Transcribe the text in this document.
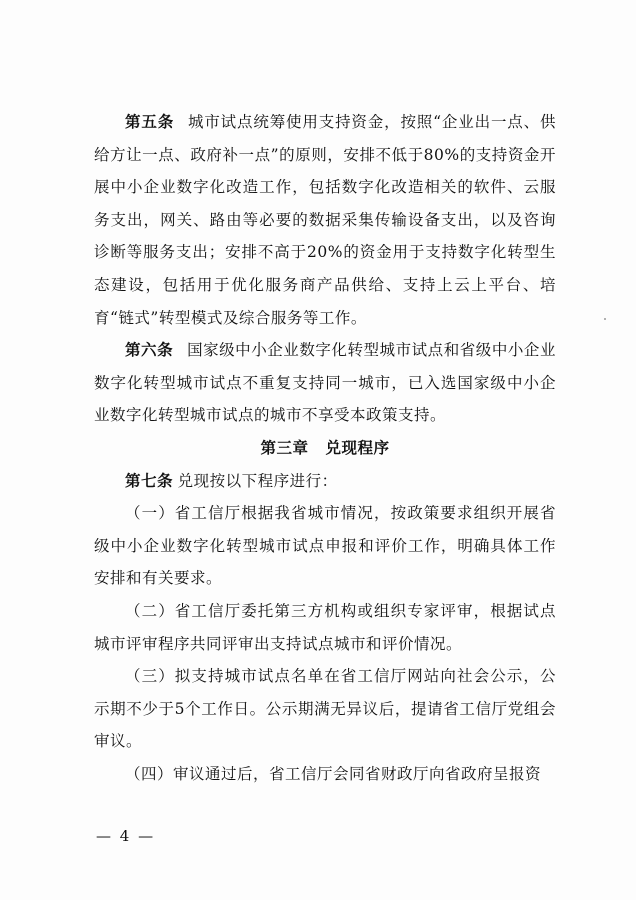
第五条 城市试点统筹使用支持资金，按照“企业出一点、供给方让一点、政府补一点”的原则，安排不低于80%的支持资金开展中小企业数字化改造工作，包括数字化改造相关的软件、云服务支出，网关、路由等必要的数据采集传输设备支出，以及咨询诊断等服务支出；安排不高于20%的资金用于支持数字化转型生态建设，包括用于优化服务商产品供给、支持上云上平台、培育“链式”转型模式及综合服务等工作。

第六条 国家级中小企业数字化转型城市试点和省级中小企业数字化转型城市试点不重复支持同一城市，已入选国家级中小企业数字化转型城市试点的城市不享受本政策支持。

第三章 兑现程序

第七条 兑现按以下程序进行：

（一）省工信厅根据我省城市情况，按政策要求组织开展省级中小企业数字化转型城市试点申报和评价工作，明确具体工作安排和有关要求。

（二）省工信厅委托第三方机构或组织专家评审，根据试点城市评审程序共同评审出支持试点城市和评价情况。

（三）拟支持城市试点名单在省工信厅网站向社会公示，公示期不少于5个工作日。公示期满无异议后，提请省工信厅党组会审议。

（四）审议通过后，省工信厅会同省财政厅向省政府呈报资

— 4 —
